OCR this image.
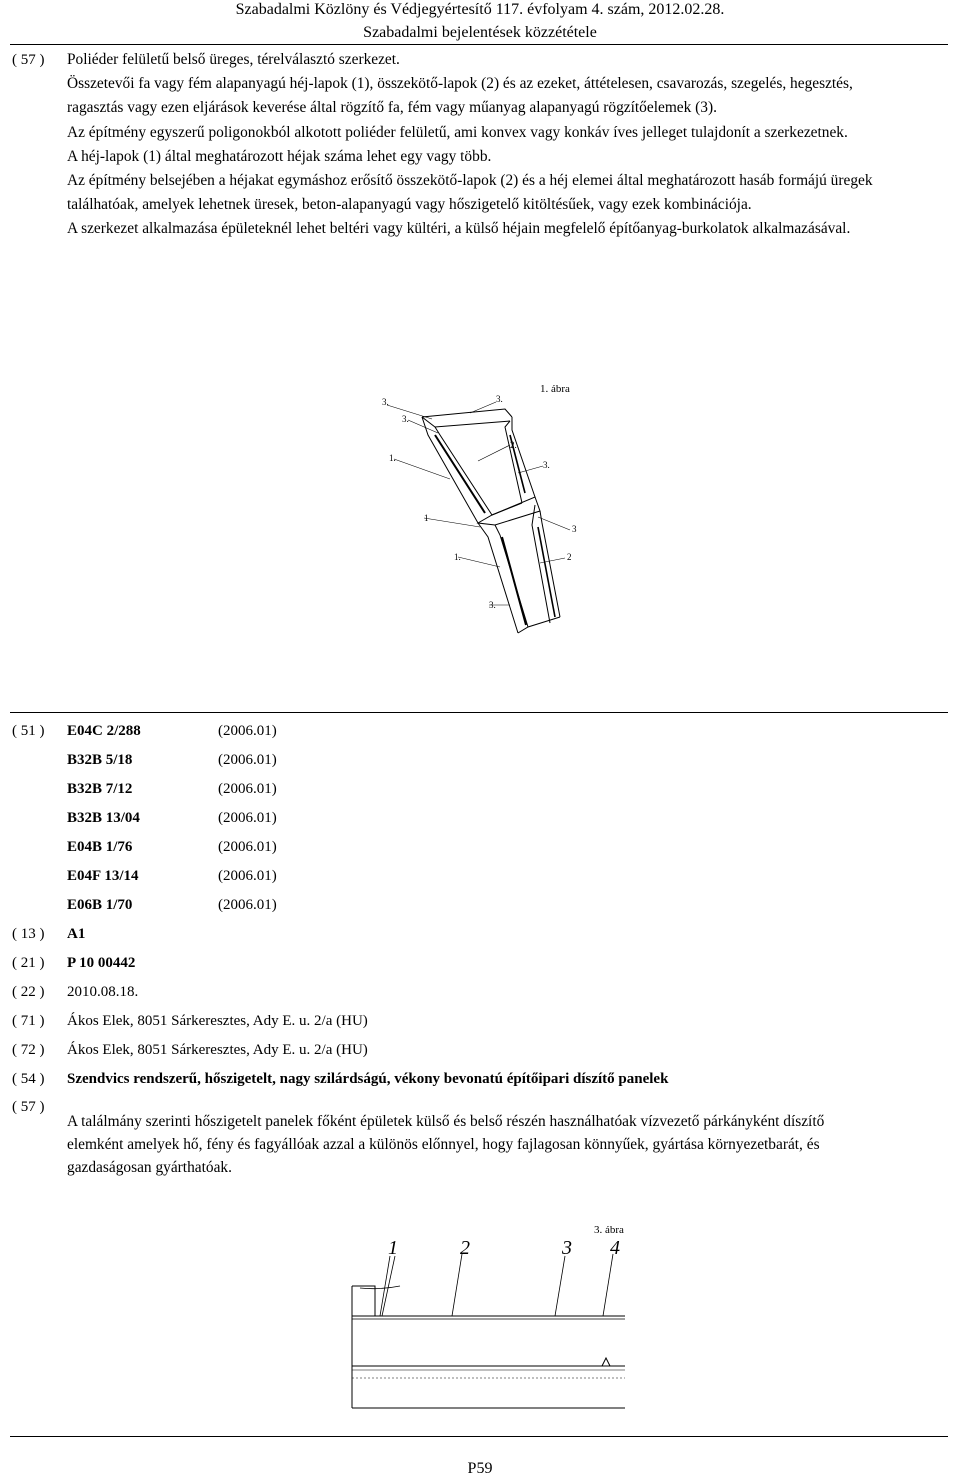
Szabadalmi Közlöny és Védjegyértesítő 117. évfolyam 4. szám, 2012.02.28.
Szabadalmi bejelentések közzététele
( 57 ) Poliéder felületű belső üreges, térelválasztó szerkezet.

Összetevői fa vagy fém alapanyagú héj-lapok (1), összekötő-lapok (2) és az ezeket, áttételesen, csavarozás, szegelés, hegesztés, ragasztás vagy ezen eljárások keverése által rögzítő fa, fém vagy műanyag alapanyagú rögzítőelemek (3).

Az építmény egyszerű poligonokból alkotott poliéder felületű, ami konvex vagy konkáv íves jelleget tulajdonít a szerkezetnek.

A héj-lapok (1) által meghatározott héjak száma lehet egy vagy több.

Az építmény belsejében a héjakat egymáshoz erősítő összekötő-lapok (2) és a héj elemei által meghatározott hasáb formájú üregek találhatóak, amelyek lehetnek üresek, beton-alapanyagú vagy hőszigetelő kitöltésűek, vagy ezek kombinációja.

A szerkezet alkalmazása épületeknél lehet beltéri vagy kültéri, a külső héjain megfelelő építőanyag-burkolatok alkalmazásával.

1. ábra
3.	3.
3.
2.
1.
3.
1
3
1.	2
3.
( 51 ) E04C 2/288	(2006.01)
B32B 5/18	(2006.01)
B32B 7/12	(2006.01)
B32B 13/04	(2006.01)
E04B 1/76	(2006.01)
E04F 13/14	(2006.01)
E06B 1/70	(2006.01)
( 13 ) A1
( 21 ) P 10 00442
( 22 ) 2010.08.18.
( 71 ) Ákos Elek, 8051 Sárkeresztes, Ady E. u. 2/a (HU)
( 72 ) Ákos Elek, 8051 Sárkeresztes, Ady E. u. 2/a (HU)
( 54 ) Szendvics rendszerű, hőszigetelt, nagy szilárdságú, vékony bevonatú építőipari díszítő panelek
( 57 )
A találmány szerinti hőszigetelt panelek főként épületek külső és belső részén használhatóak vízvezető párkányként díszítő elemként amelyek hő, fény és fagyállóak azzal a különös előnnyel, hogy fajlagosan könnyűek, gyártása környezetbarát, és gazdaságosan gyárthatóak.
3. ábra
1	2	3 4
P59
